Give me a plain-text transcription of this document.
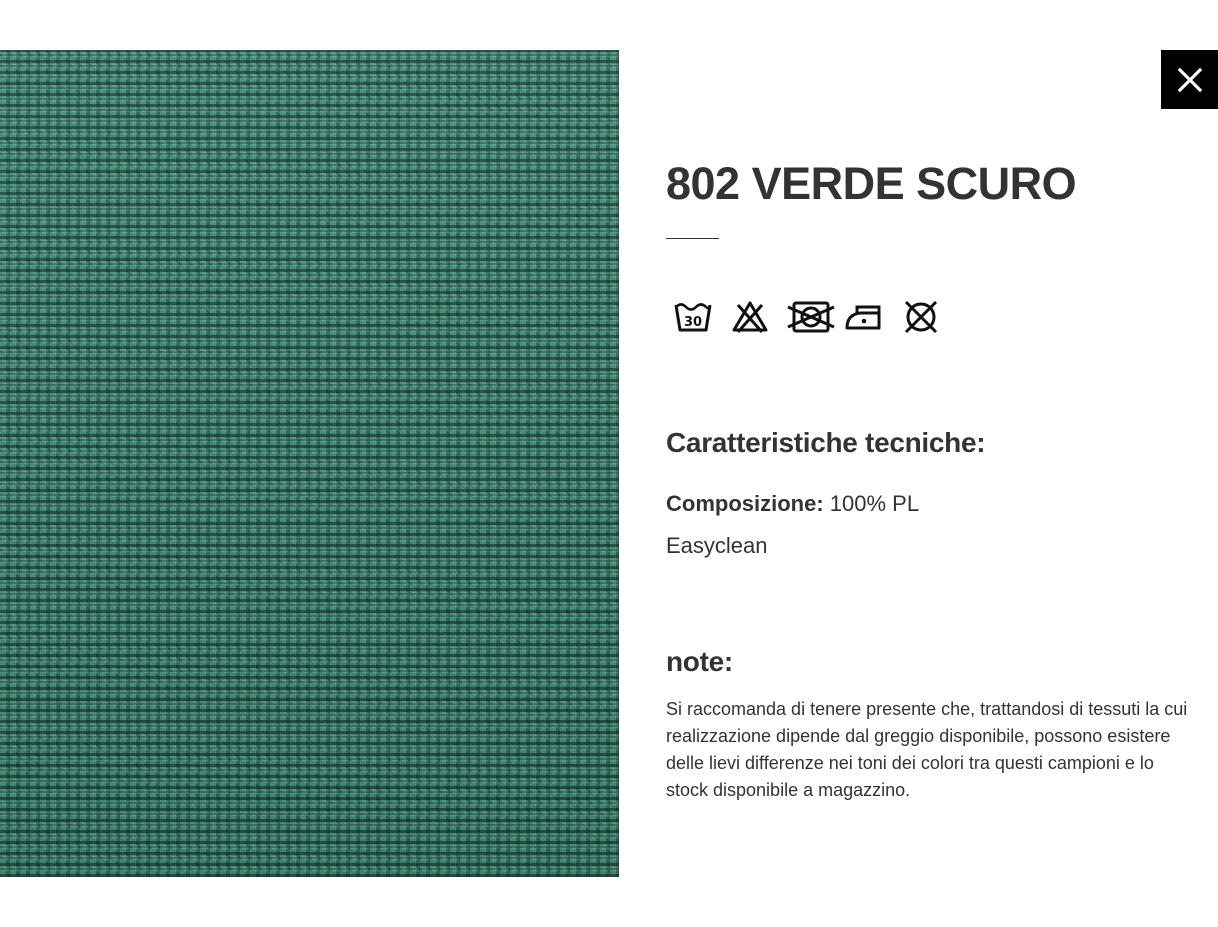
802 VERDE SCURO
30
Caratteristiche tecniche:

Composizione: 100% PL

Easyclean

note:

Si raccomanda di tenere presente che, trattandosi di tessuti la cui realizzazione dipende dal greggio disponibile, possono esistere delle lievi differenze nei toni dei colori tra questi campioni e lo stock disponibile a magazzino.
